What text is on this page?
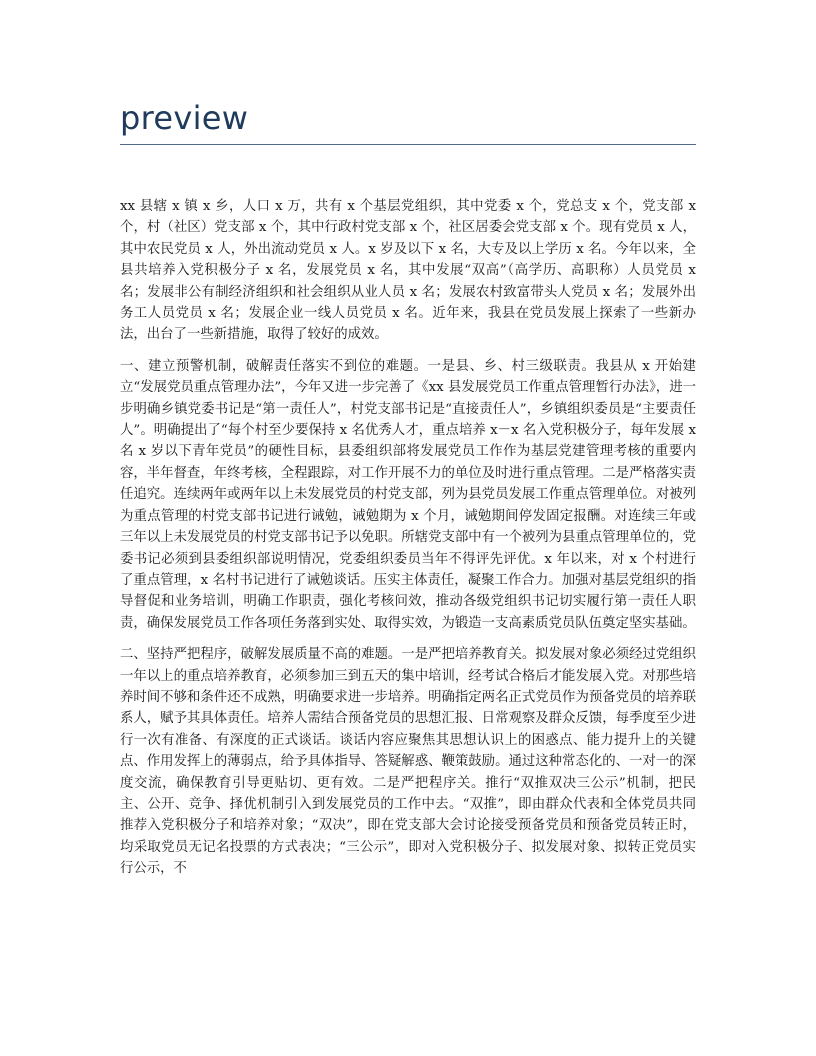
preview

xx 县辖 x 镇 x 乡，人口 x 万，共有 x 个基层党组织，其中党委 x 个，党总支 x 个，党支部 x 个，村（社区）党支部 x 个，其中行政村党支部 x 个，社区居委会党支部 x 个。现有党员 x 人，其中农民党员 x 人，外出流动党员 x 人。x 岁及以下 x 名，大专及以上学历 x 名。今年以来，全县共培养入党积极分子 x 名，发展党员 x 名，其中发展“双高”（高学历、高职称）人员党员 x 名；发展非公有制经济组织和社会组织从业人员 x 名；发展农村致富带头人党员 x 名；发展外出务工人员党员 x 名；发展企业一线人员党员 x 名。近年来，我县在党员发展上探索了一些新办法，出台了一些新措施，取得了较好的成效。

一、建立预警机制，破解责任落实不到位的难题。一是县、乡、村三级联责。我县从 x 开始建立“发展党员重点管理办法”，今年又进一步完善了《xx 县发展党员工作重点管理暂行办法》，进一步明确乡镇党委书记是“第一责任人”，村党支部书记是“直接责任人”，乡镇组织委员是“主要责任人”。明确提出了“每个村至少要保持 x 名优秀人才，重点培养 x－x 名入党积极分子，每年发展 x 名 x 岁以下青年党员”的硬性目标，县委组织部将发展党员工作作为基层党建管理考核的重要内容，半年督查，年终考核，全程跟踪，对工作开展不力的单位及时进行重点管理。二是严格落实责任追究。连续两年或两年以上未发展党员的村党支部，列为县党员发展工作重点管理单位。对被列为重点管理的村党支部书记进行诫勉，诫勉期为 x 个月，诫勉期间停发固定报酬。对连续三年或三年以上未发展党员的村党支部书记予以免职。所辖党支部中有一个被列为县重点管理单位的，党委书记必须到县委组织部说明情况，党委组织委员当年不得评先评优。x 年以来，对 x 个村进行了重点管理，x 名村书记进行了诫勉谈话。压实主体责任，凝聚工作合力。加强对基层党组织的指导督促和业务培训，明确工作职责，强化考核问效，推动各级党组织书记切实履行第一责任人职责，确保发展党员工作各项任务落到实处、取得实效，为锻造一支高素质党员队伍奠定坚实基础。

二、坚持严把程序，破解发展质量不高的难题。一是严把培养教育关。拟发展对象必须经过党组织一年以上的重点培养教育，必须参加三到五天的集中培训，经考试合格后才能发展入党。对那些培养时间不够和条件还不成熟，明确要求进一步培养。明确指定两名正式党员作为预备党员的培养联系人，赋予其具体责任。培养人需结合预备党员的思想汇报、日常观察及群众反馈，每季度至少进行一次有准备、有深度的正式谈话。谈话内容应聚焦其思想认识上的困惑点、能力提升上的关键点、作用发挥上的薄弱点，给予具体指导、答疑解惑、鞭策鼓励。通过这种常态化的、一对一的深度交流，确保教育引导更贴切、更有效。二是严把程序关。推行“双推双决三公示”机制，把民主、公开、竞争、择优机制引入到发展党员的工作中去。“双推”，即由群众代表和全体党员共同推荐入党积极分子和培养对象；“双决”，即在党支部大会讨论接受预备党员和预备党员转正时，均采取党员无记名投票的方式表决；“三公示”，即对入党积极分子、拟发展对象、拟转正党员实行公示，不
